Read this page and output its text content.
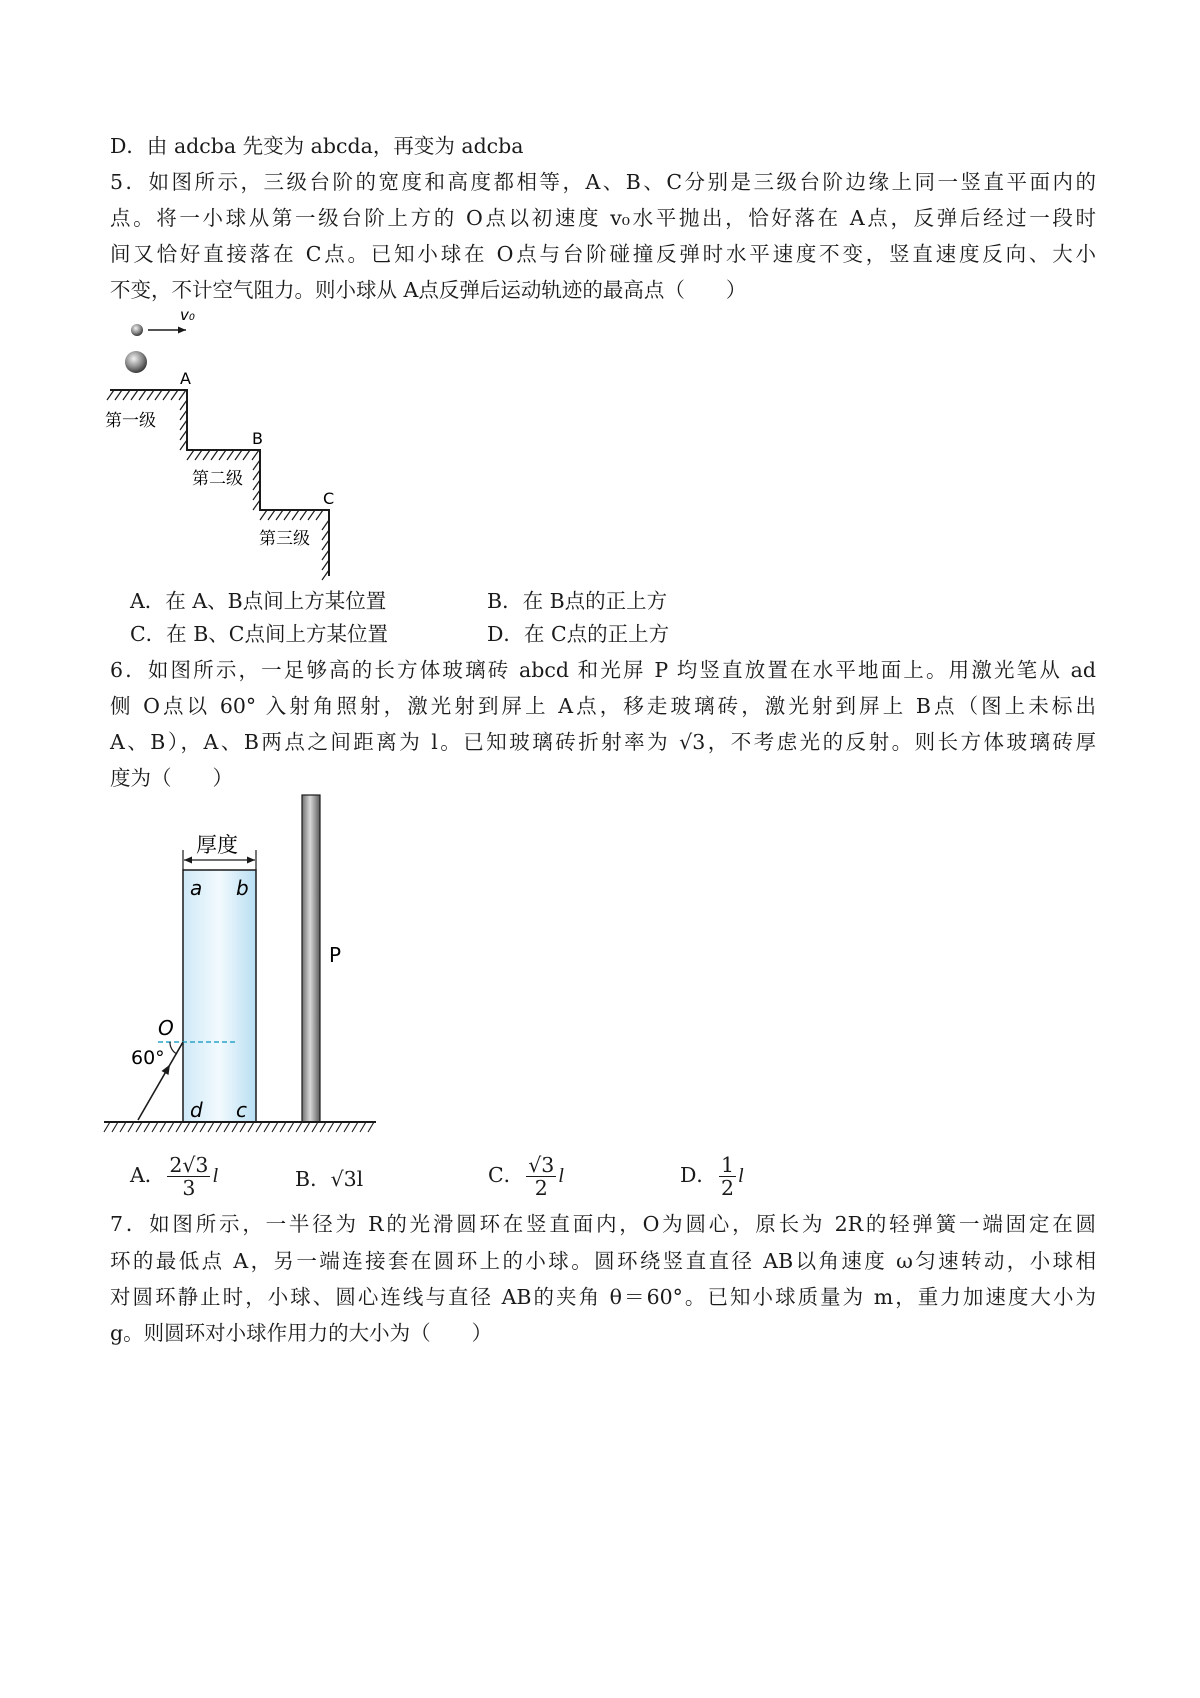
D．由 adcba 先变为 abcda，再变为 adcba
5．如图所示，三级台阶的宽度和高度都相等，A、B、C分别是三级台阶边缘上同一竖直平面内的
点。将一小球从第一级台阶上方的 O点以初速度 v₀水平抛出，恰好落在 A点，反弹后经过一段时
间又恰好直接落在 C点。已知小球在 O点与台阶碰撞反弹时水平速度不变，竖直速度反向、大小
不变，不计空气阻力。则小球从 A点反弹后运动轨迹的最高点（　　）
v₀
A
B
C
第一级
第二级
第三级
A．在 A、B点间上方某位置	B．在 B点的正上方
C．在 B、C点间上方某位置	D．在 C点的正上方
6．如图所示，一足够高的长方体玻璃砖 abcd 和光屏 P 均竖直放置在水平地面上。用激光笔从 ad
侧 O点以 60° 入射角照射，激光射到屏上 A点，移走玻璃砖，激光射到屏上 B点（图上未标出
A、B），A、B两点之间距离为 l。已知玻璃砖折射率为 √3，不考虑光的反射。则长方体玻璃砖厚
度为（　　）
厚度
a b
d c
P
O
60°
A． $\frac{2√3}{3}$ l	B．√3l	C． $\frac{√3}{2}$ l	D． $\frac{1}{2}$ l
7．如图所示，一半径为 R的光滑圆环在竖直面内，O为圆心，原长为 2R的轻弹簧一端固定在圆
环的最低点 A，另一端连接套在圆环上的小球。圆环绕竖直直径 AB以角速度 ω匀速转动，小球相
对圆环静止时，小球、圆心连线与直径 AB的夹角 θ＝60°。已知小球质量为 m，重力加速度大小为
g。则圆环对小球作用力的大小为（　　）
